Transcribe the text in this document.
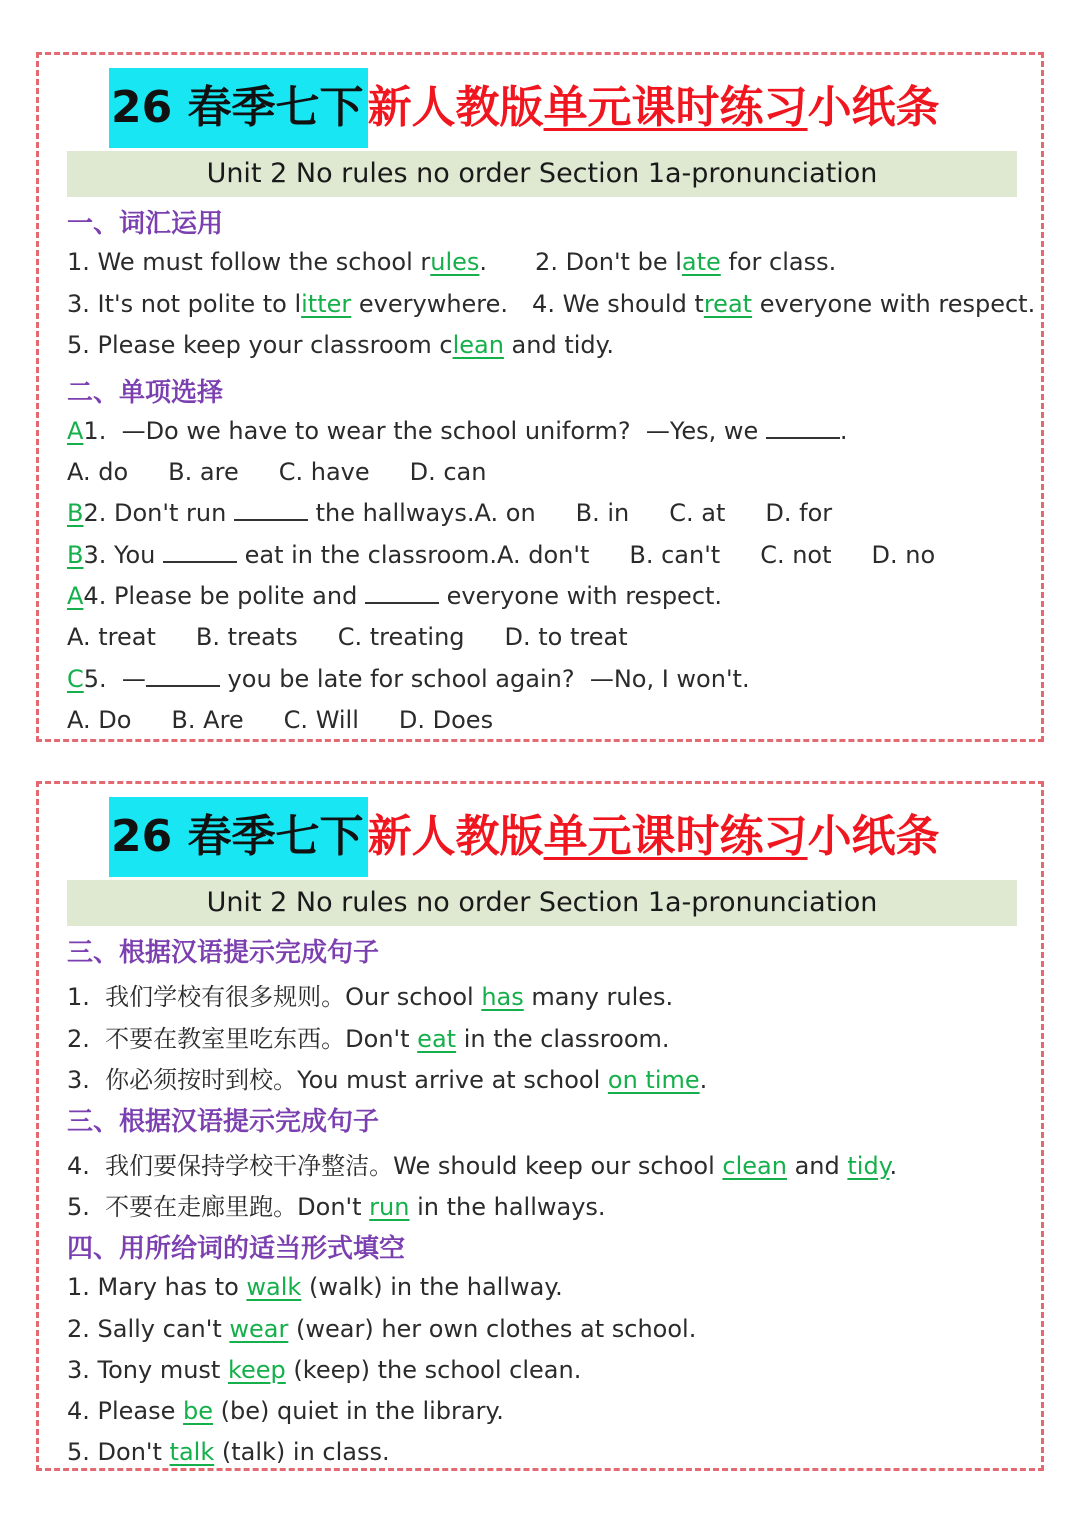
26 春季七下 新人教版 单元课时练习 小纸条
Unit 2 No rules no order Section 1a-pronunciation
一、词汇运用
1. We must follow the school rules. 2. Don't be late for class.
3. It's not polite to litter everywhere. 4. We should treat everyone with respect.
5. Please keep your classroom clean and tidy.
二、单项选择
A1.  —Do we have to wear the school uniform?  —Yes, we	.
A. do B. are C. have D. can
B2. Don't run	the hallways.A. on B. in C. at D. for
B3. You	eat in the classroom.A. don't B. can't C. not D. no
A4. Please be polite and	everyone with respect.
A. treat B. treats C. treating D. to treat
C5.  —	you be late for school again?  —No, I won't.
A. Do B. Are C. Will D. Does
26 春季七下 新人教版 单元课时练习 小纸条
Unit 2 No rules no order Section 1a-pronunciation
三、根据汉语提示完成句子
1.  我们学校有很多规则。Our school has many rules.
2.  不要在教室里吃东西。Don't eat in the classroom.
3.  你必须按时到校。You must arrive at school on time.
三、根据汉语提示完成句子
4.  我们要保持学校干净整洁。We should keep our school clean and tidy.
5.  不要在走廊里跑。Don't run in the hallways.
四、用所给词的适当形式填空
1. Mary has to walk (walk) in the hallway.
2. Sally can't wear (wear) her own clothes at school.
3. Tony must keep (keep) the school clean.
4. Please be (be) quiet in the library.
5. Don't talk (talk) in class.
